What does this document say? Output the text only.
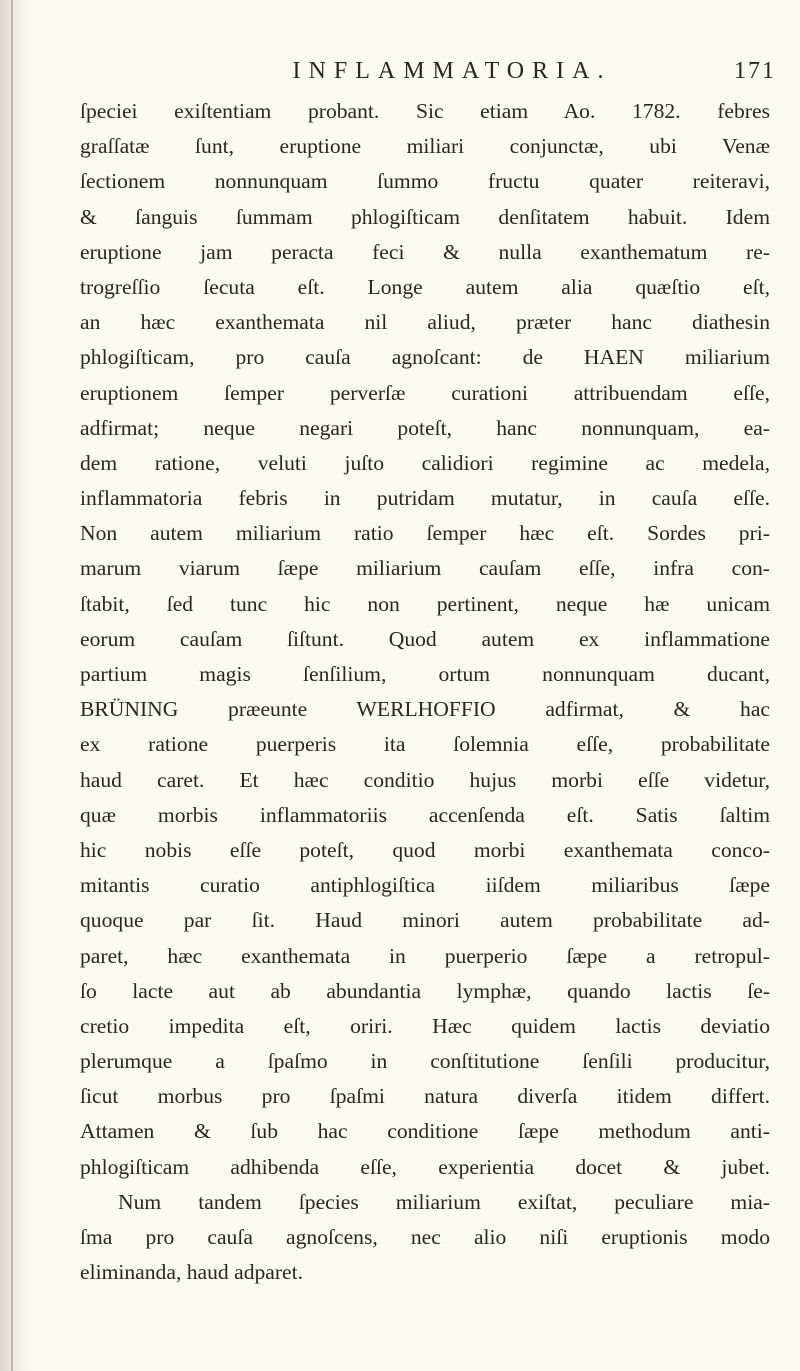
INFLAMMATORIA.	171
ſpeciei exiſtentiam probant. Sic etiam Ao. 1782. febres
graſſatæ ſunt, eruptione miliari conjunctæ, ubi Venæ
ſectionem nonnunquam ſummo fructu quater reiteravi,
& ſanguis ſummam phlogiſticam denſitatem habuit. Idem
eruptione jam peracta feci & nulla exanthematum re-
trogreſſio ſecuta eſt. Longe autem alia quæſtio eſt,
an hæc exanthemata nil aliud, præter hanc diathesin
phlogiſticam, pro cauſa agnoſcant: de HAEN miliarium
eruptionem ſemper perverſæ curationi attribuendam eſſe,
adfirmat; neque negari poteſt, hanc nonnunquam, ea-
dem ratione, veluti juſto calidiori regimine ac medela,
inflammatoria febris in putridam mutatur, in cauſa eſſe.
Non autem miliarium ratio ſemper hæc eſt. Sordes pri-
marum viarum ſæpe miliarium cauſam eſſe, infra con-
ſtabit, ſed tunc hic non pertinent, neque hæ unicam
eorum cauſam ſiſtunt. Quod autem ex inflammatione
partium magis ſenſilium, ortum nonnunquam ducant,
BRÜNING præeunte WERLHOFFIO adfirmat, & hac
ex ratione puerperis ita ſolemnia eſſe, probabilitate
haud caret. Et hæc conditio hujus morbi eſſe videtur,
quæ morbis inflammatoriis accenſenda eſt. Satis ſaltim
hic nobis eſſe poteſt, quod morbi exanthemata conco-
mitantis curatio antiphlogiſtica iiſdem miliaribus ſæpe
quoque par ſit. Haud minori autem probabilitate ad-
paret, hæc exanthemata in puerperio ſæpe a retropul-
ſo lacte aut ab abundantia lymphæ, quando lactis ſe-
cretio impedita eſt, oriri. Hæc quidem lactis deviatio
plerumque a ſpaſmo in conſtitutione ſenſili producitur,
ſicut morbus pro ſpaſmi natura diverſa itidem differt.
Attamen & ſub hac conditione ſæpe methodum anti-
phlogiſticam adhibenda eſſe, experientia docet & jubet.
Num tandem ſpecies miliarium exiſtat, peculiare mia-
ſma pro cauſa agnoſcens, nec alio niſi eruptionis modo
eliminanda, haud adparet.
